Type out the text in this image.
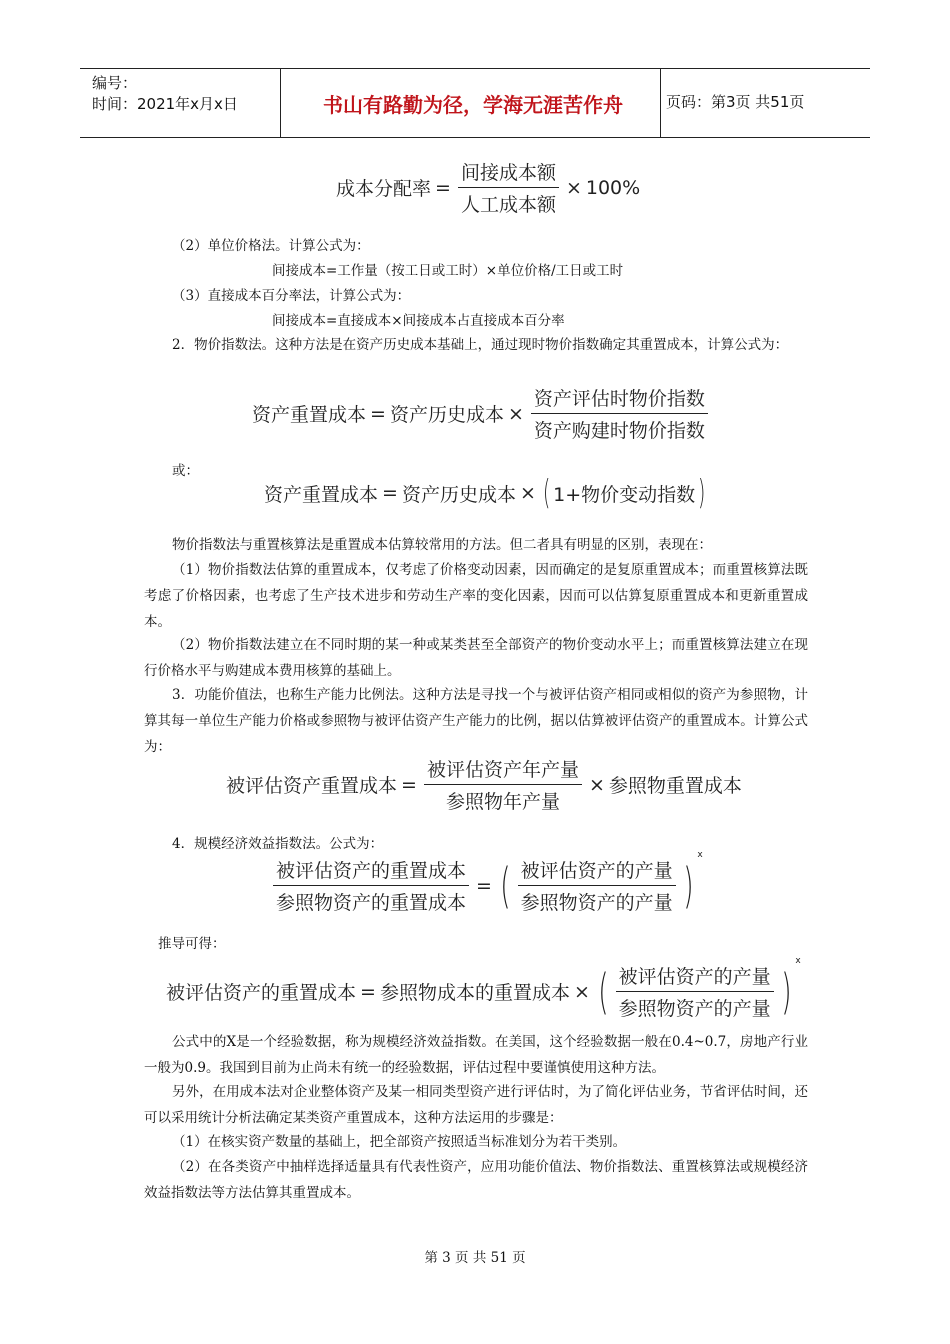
编号：
时间：2021年x月x日	书山有路勤为径，学海无涯苦作舟	页码：第3页 共51页
成本分配率 = $\frac{\text{间接成本额}}{\text{人工成本额}} \times 100\%$
（2）单位价格法。计算公式为：
间接成本=工作量（按工日或工时）×单位价格/工日或工时
（3）直接成本百分率法，计算公式为：
间接成本=直接成本×间接成本占直接成本百分率
2．物价指数法。这种方法是在资产历史成本基础上，通过现时物价指数确定其重置成本，计算公式为：
资产重置成本 = 资产历史成本 × $\frac{\text{资产评估时物价指数}}{\text{资产购建时物价指数}}$
或：
资产重置成本 = 资产历史成本 × ( 1+物价变动指数 )
物价指数法与重置核算法是重置成本估算较常用的方法。但二者具有明显的区别，表现在：
（1）物价指数法估算的重置成本，仅考虑了价格变动因素，因而确定的是复原重置成本；而重置核算法既考虑了价格因素，也考虑了生产技术进步和劳动生产率的变化因素，因而可以估算复原重置成本和更新重置成本。
（2）物价指数法建立在不同时期的某一种或某类甚至全部资产的物价变动水平上；而重置核算法建立在现行价格水平与购建成本费用核算的基础上。
3．功能价值法，也称生产能力比例法。这种方法是寻找一个与被评估资产相同或相似的资产为参照物，计算其每一单位生产能力价格或参照物与被评估资产生产能力的比例，据以估算被评估资产的重置成本。计算公式为：
被评估资产重置成本 = $\frac{\text{被评估资产年产量}}{\text{参照物年产量}}$ × 参照物重置成本
4．规模经济效益指数法。公式为：
$\frac{\text{被评估资产的重置成本}}{\text{参照物资产的重置成本}}$ = ( $\frac{\text{被评估资产的产量}}{\text{参照物资产的产量}}$ )
x
推导可得：
被评估资产的重置成本 = 参照物成本的重置成本 × ( $\frac{\text{被评估资产的产量}}{\text{参照物资产的产量}}$ )
x
公式中的X是一个经验数据，称为规模经济效益指数。在美国，这个经验数据一般在0.4~0.7，房地产行业一般为0.9。我国到目前为止尚未有统一的经验数据，评估过程中要谨慎使用这种方法。
另外，在用成本法对企业整体资产及某一相同类型资产进行评估时，为了简化评估业务，节省评估时间，还可以采用统计分析法确定某类资产重置成本，这种方法运用的步骤是：
（1）在核实资产数量的基础上，把全部资产按照适当标准划分为若干类别。
（2）在各类资产中抽样选择适量具有代表性资产，应用功能价值法、物价指数法、重置核算法或规模经济效益指数法等方法估算其重置成本。
第 3 页 共 51 页
